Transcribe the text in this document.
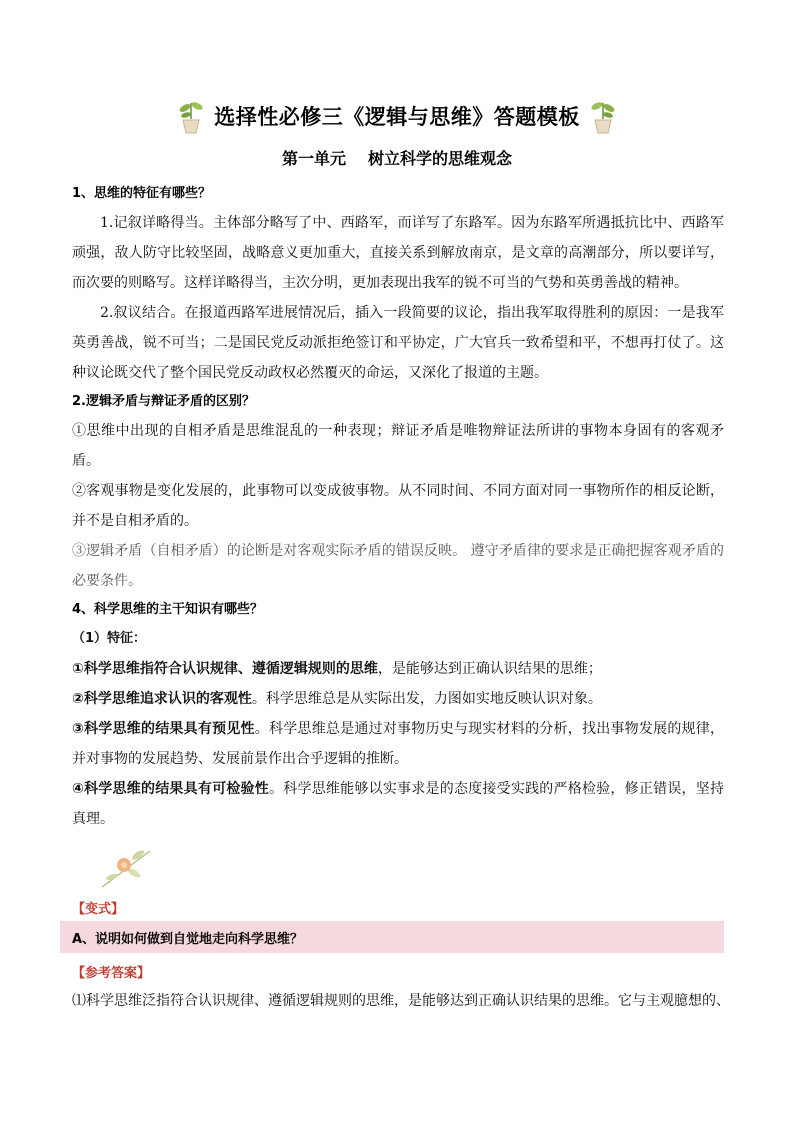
选择性必修三《逻辑与思维》答题模板
第一单元 树立科学的思维观念
1、思维的特征有哪些？

1.记叙详略得当。主体部分略写了中、西路军，而详写了东路军。因为东路军所遇抵抗比中、西路军顽强，敌人防守比较坚固，战略意义更加重大，直接关系到解放南京，是文章的高潮部分，所以要详写，而次要的则略写。这样详略得当，主次分明，更加表现出我军的锐不可当的气势和英勇善战的精神。

2.叙议结合。在报道西路军进展情况后，插入一段简要的议论，指出我军取得胜利的原因：一是我军英勇善战，锐不可当；二是国民党反动派拒绝签订和平协定，广大官兵一致希望和平，不想再打仗了。这种议论既交代了整个国民党反动政权必然覆灭的命运，又深化了报道的主题。

2.逻辑矛盾与辩证矛盾的区别？

①思维中出现的自相矛盾是思维混乱的一种表现；辩证矛盾是唯物辩证法所讲的事物本身固有的客观矛盾。

②客观事物是变化发展的，此事物可以变成彼事物。从不同时间、不同方面对同一事物所作的相反论断，并不是自相矛盾的。

③逻辑矛盾（自相矛盾）的论断是对客观实际矛盾的错误反映。 遵守矛盾律的要求是正确把握客观矛盾的必要条件。

4、科学思维的主干知识有哪些？

（1）特征：

①科学思维指符合认识规律、遵循逻辑规则的思维，是能够达到正确认识结果的思维；

②科学思维追求认识的客观性。科学思维总是从实际出发，力图如实地反映认识对象。

③科学思维的结果具有预见性。科学思维总是通过对事物历史与现实材料的分析，找出事物发展的规律，并对事物的发展趋势、发展前景作出合乎逻辑的推断。

④科学思维的结果具有可检验性。科学思维能够以实事求是的态度接受实践的严格检验，修正错误，坚持真理。

【变式】
A、说明如何做到自觉地走向科学思维？
【参考答案】
⑴科学思维泛指符合认识规律、遵循逻辑规则的思维，是能够达到正确认识结果的思维。它与主观臆想的、
